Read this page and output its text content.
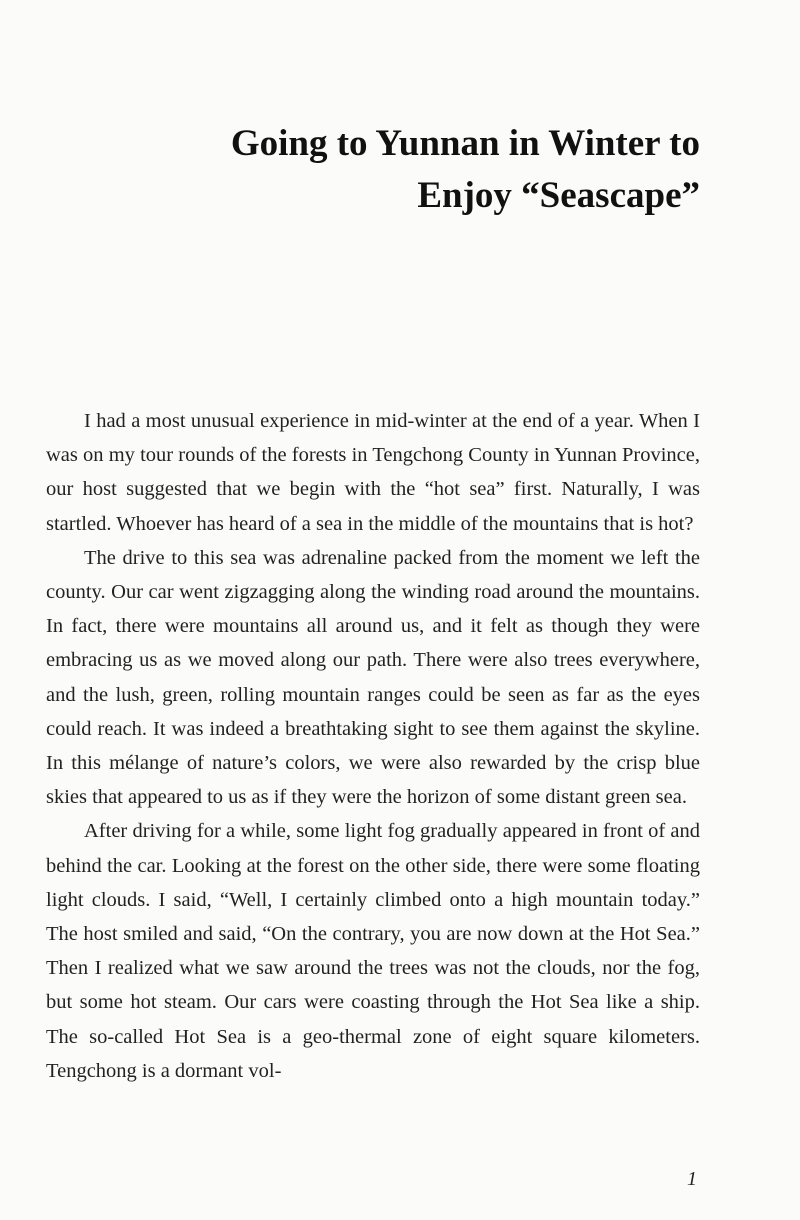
Going to Yunnan in Winter to
Enjoy “Seascape”

I had a most unusual experience in mid-winter at the end of a year. When I was on my tour rounds of the forests in Tengchong County in Yunnan Province, our host suggested that we begin with the “hot sea” first. Naturally, I was startled. Whoever has heard of a sea in the middle of the mountains that is hot?

The drive to this sea was adrenaline packed from the moment we left the county. Our car went zigzagging along the winding road around the mountains. In fact, there were mountains all around us, and it felt as though they were embracing us as we moved along our path. There were also trees everywhere, and the lush, green, rolling mountain ranges could be seen as far as the eyes could reach. It was indeed a breathtaking sight to see them against the skyline. In this mélange of nature’s colors, we were also rewarded by the crisp blue skies that appeared to us as if they were the horizon of some distant green sea.

After driving for a while, some light fog gradually appeared in front of and behind the car. Looking at the forest on the other side, there were some floating light clouds. I said, “Well, I certainly climbed onto a high mountain today.” The host smiled and said, “On the contrary, you are now down at the Hot Sea.” Then I realized what we saw around the trees was not the clouds, nor the fog, but some hot steam. Our cars were coasting through the Hot Sea like a ship. The so-called Hot Sea is a geo-thermal zone of eight square kilometers. Tengchong is a dormant vol-

1
